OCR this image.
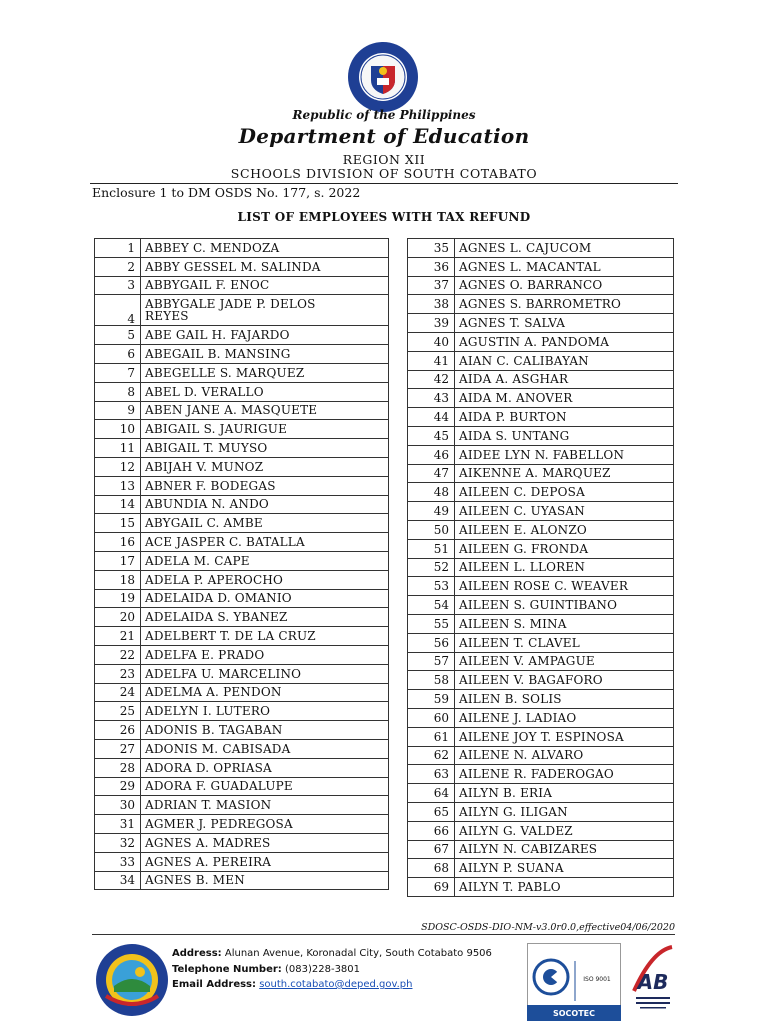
Republic of the Philippines
Department of Education
REGION XII
SCHOOLS DIVISION OF SOUTH COTABATO
Enclosure 1 to DM OSDS No. 177, s. 2022
LIST OF EMPLOYEES WITH TAX REFUND
1	ABBEY C. MENDOZA
2	ABBY GESSEL M. SALINDA
3	ABBYGAIL F. ENOC
4	ABBYGALE JADE P. DELOS
REYES

5	ABE GAIL H. FAJARDO
6	ABEGAIL B. MANSING
7	ABEGELLE S. MARQUEZ
8	ABEL D. VERALLO
9	ABEN JANE A. MASQUETE
10	ABIGAIL S. JAURIGUE
11	ABIGAIL T. MUYSO
12	ABIJAH V. MUNOZ
13	ABNER F. BODEGAS
14	ABUNDIA N. ANDO
15	ABYGAIL C. AMBE
16	ACE JASPER C. BATALLA
17	ADELA M. CAPE
18	ADELA P. APEROCHO
19	ADELAIDA D. OMANIO
20	ADELAIDA S. YBANEZ
21	ADELBERT T. DE LA CRUZ
22	ADELFA E. PRADO
23	ADELFA U. MARCELINO
24	ADELMA A. PENDON
25	ADELYN I. LUTERO
26	ADONIS B. TAGABAN
27	ADONIS M. CABISADA
28	ADORA D. OPRIASA
29	ADORA F. GUADALUPE
30	ADRIAN T. MASION
31	AGMER J. PEDREGOSA
32	AGNES A. MADRES
33	AGNES A. PEREIRA
34	AGNES B. MEN
35	AGNES L. CAJUCOM
36	AGNES L. MACANTAL
37	AGNES O. BARRANCO
38	AGNES S. BARROMETRO
39	AGNES T. SALVA
40	AGUSTIN A. PANDOMA
41	AIAN C. CALIBAYAN
42	AIDA A. ASGHAR
43	AIDA M. ANOVER
44	AIDA P. BURTON
45	AIDA S. UNTANG
46	AIDEE LYN N. FABELLON
47	AIKENNE A. MARQUEZ
48	AILEEN C. DEPOSA
49	AILEEN C. UYASAN
50	AILEEN E. ALONZO
51	AILEEN G. FRONDA
52	AILEEN L. LLOREN
53	AILEEN ROSE C. WEAVER
54	AILEEN S. GUINTIBANO
55	AILEEN S. MINA
56	AILEEN T. CLAVEL
57	AILEEN V. AMPAGUE
58	AILEEN V. BAGAFORO
59	AILEN B. SOLIS
60	AILENE J. LADIAO
61	AILENE JOY T. ESPINOSA
62	AILENE N. ALVARO
63	AILENE R. FADEROGAO
64	AILYN B. ERIA
65	AILYN G. ILIGAN
66	AILYN G. VALDEZ
67	AILYN N. CABIZARES
68	AILYN P. SUANA
69	AILYN T. PABLO
SDOSC-OSDS-DIO-NM-v3.0r0.0,effective04/06/2020
Address: Alunan Avenue, Koronadal City, South Cotabato 9506
Telephone Number: (083)228-3801
Email Address: south.cotabato@deped.gov.ph	ISO 9001
SOCOTEC
AB
